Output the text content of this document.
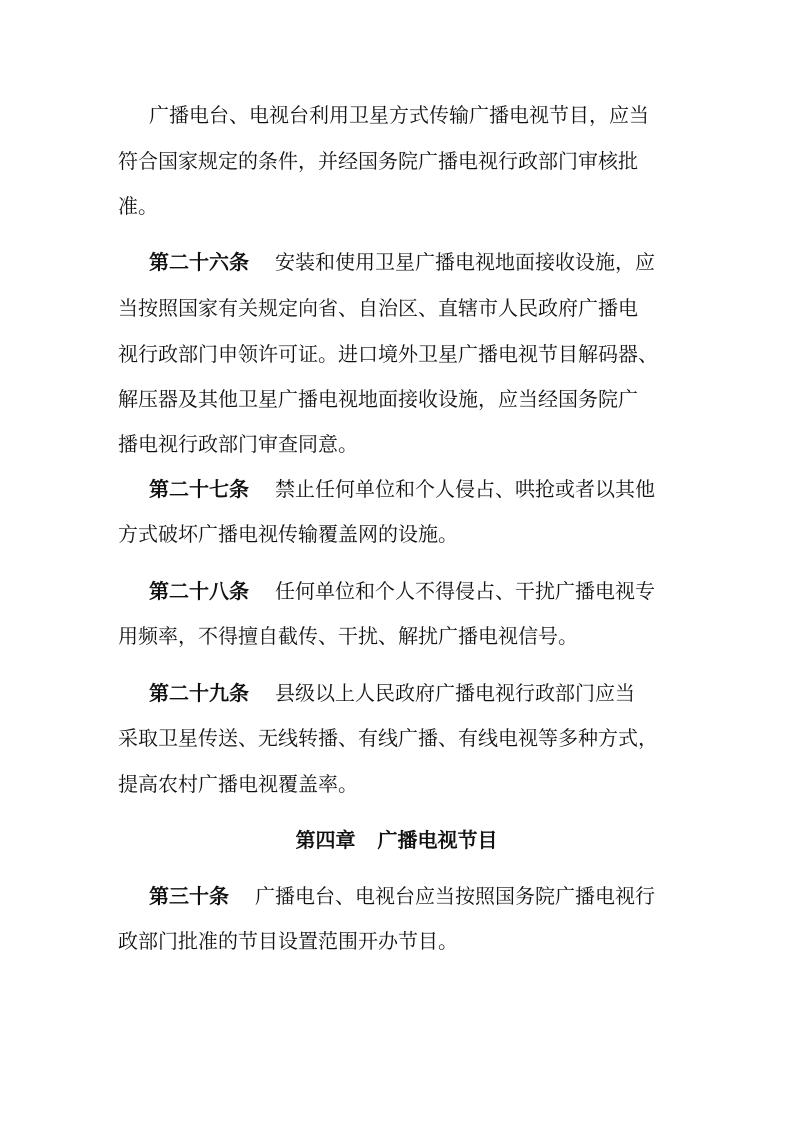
广播电台、电视台利用卫星方式传输广播电视节目，应当
符合国家规定的条件，并经国务院广播电视行政部门审核批
准。
第二十六条 安装和使用卫星广播电视地面接收设施，应
当按照国家有关规定向省、自治区、直辖市人民政府广播电
视行政部门申领许可证。进口境外卫星广播电视节目解码器、
解压器及其他卫星广播电视地面接收设施，应当经国务院广
播电视行政部门审查同意。
第二十七条 禁止任何单位和个人侵占、哄抢或者以其他
方式破坏广播电视传输覆盖网的设施。
第二十八条 任何单位和个人不得侵占、干扰广播电视专
用频率，不得擅自截传、干扰、解扰广播电视信号。
第二十九条 县级以上人民政府广播电视行政部门应当
采取卫星传送、无线转播、有线广播、有线电视等多种方式，
提高农村广播电视覆盖率。
第四章 广播电视节目
第三十条 广播电台、电视台应当按照国务院广播电视行
政部门批准的节目设置范围开办节目。
